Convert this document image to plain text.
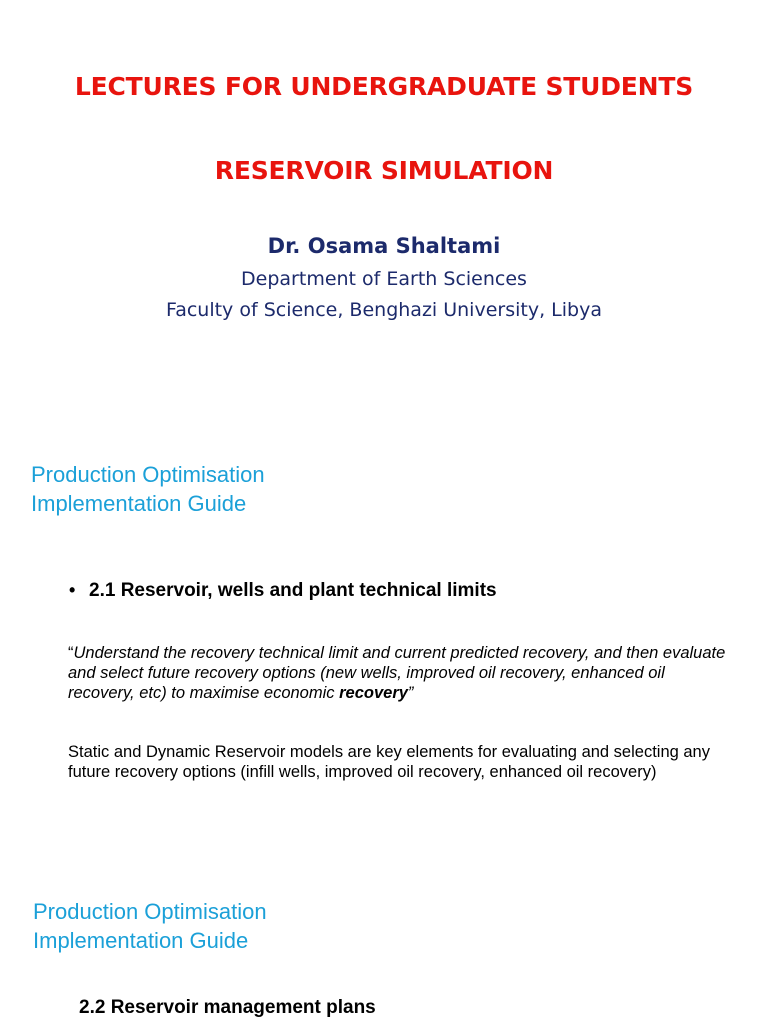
LECTURES FOR UNDERGRADUATE STUDENTS
RESERVOIR SIMULATION
Dr. Osama Shaltami
Department of Earth Sciences
Faculty of Science, Benghazi University, Libya
Production Optimisation
Implementation Guide
• 2.1 Reservoir, wells and plant technical limits
“Understand the recovery technical limit and current predicted recovery, and then evaluate and select future recovery options (new wells, improved oil recovery, enhanced oil recovery, etc) to maximise economic recovery”
Static and Dynamic Reservoir models are key elements for evaluating and selecting any future recovery options (infill wells, improved oil recovery, enhanced oil recovery)
Production Optimisation
Implementation Guide
2.2 Reservoir management plans
